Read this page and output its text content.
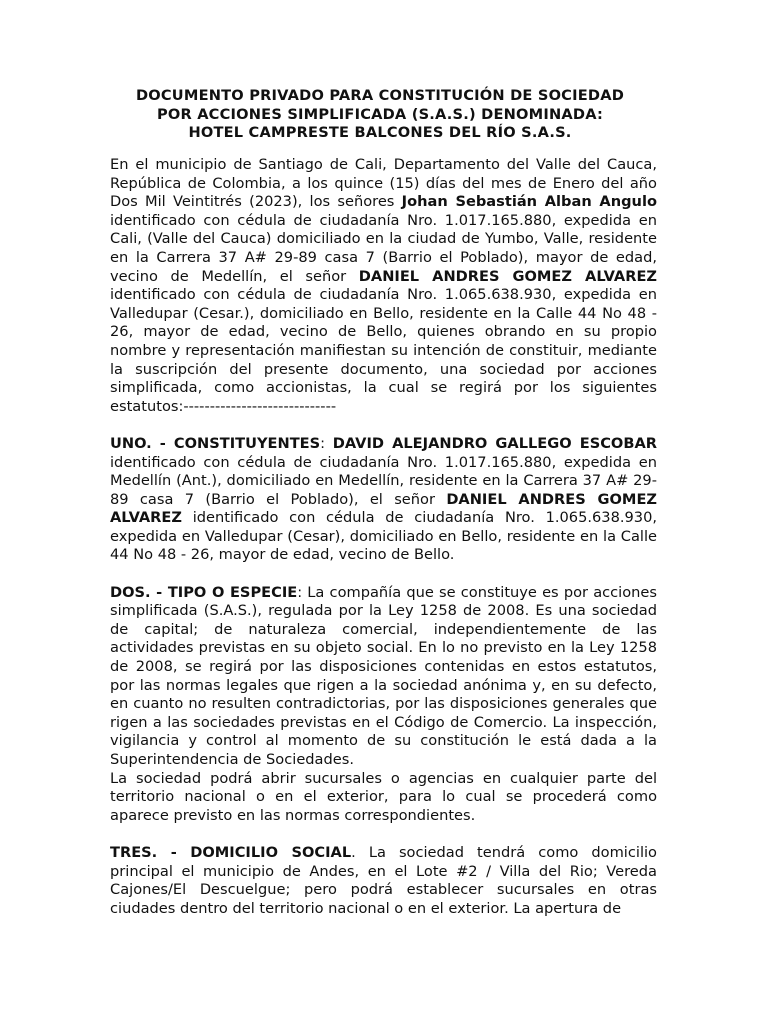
DOCUMENTO PRIVADO PARA CONSTITUCIÓN DE SOCIEDAD
POR ACCIONES SIMPLIFICADA (S.A.S.) DENOMINADA:
HOTEL CAMPRESTE BALCONES DEL RÍO S.A.S.

En el municipio de Santiago de Cali, Departamento del Valle del Cauca, República de Colombia, a los quince (15) días del mes de Enero del año Dos Mil Veintitrés (2023), los señores Johan Sebastián Alban Angulo identificado con cédula de ciudadanía Nro. 1.017.165.880, expedida en Cali, (Valle del Cauca) domiciliado en la ciudad de Yumbo, Valle, residente en la Carrera 37 A# 29-89 casa 7 (Barrio el Poblado), mayor de edad, vecino de Medellín, el señor DANIEL ANDRES GOMEZ ALVAREZ identificado con cédula de ciudadanía Nro. 1.065.638.930, expedida en Valledupar (Cesar.), domiciliado en Bello, residente en la Calle 44 No 48 - 26, mayor de edad, vecino de Bello, quienes obrando en su propio nombre y representación manifiestan su intención de constituir, mediante la suscripción del presente documento, una sociedad por acciones simplificada, como accionistas, la cual se regirá por los siguientes estatutos:-----------------------------

UNO. - CONSTITUYENTES: DAVID ALEJANDRO GALLEGO ESCOBAR identificado con cédula de ciudadanía Nro. 1.017.165.880, expedida en Medellín (Ant.), domiciliado en Medellín, residente en la Carrera 37 A# 29-89 casa 7 (Barrio el Poblado), el señor DANIEL ANDRES GOMEZ ALVAREZ identificado con cédula de ciudadanía Nro. 1.065.638.930, expedida en Valledupar (Cesar), domiciliado en Bello, residente en la Calle 44 No 48 - 26, mayor de edad, vecino de Bello.

DOS. - TIPO O ESPECIE: La compañía que se constituye es por acciones simplificada (S.A.S.), regulada por la Ley 1258 de 2008. Es una sociedad de capital; de naturaleza comercial, independientemente de las actividades previstas en su objeto social. En lo no previsto en la Ley 1258 de 2008, se regirá por las disposiciones contenidas en estos estatutos, por las normas legales que rigen a la sociedad anónima y, en su defecto, en cuanto no resulten contradictorias, por las disposiciones generales que rigen a las sociedades previstas en el Código de Comercio. La inspección, vigilancia y control al momento de su constitución le está dada a la Superintendencia de Sociedades.

La sociedad podrá abrir sucursales o agencias en cualquier parte del territorio nacional o en el exterior, para lo cual se procederá como aparece previsto en las normas correspondientes.

TRES. - DOMICILIO SOCIAL. La sociedad tendrá como domicilio principal el municipio de Andes, en el Lote #2 / Villa del Rio; Vereda Cajones/El Descuelgue; pero podrá establecer sucursales en otras ciudades dentro del territorio nacional o en el exterior. La apertura de
